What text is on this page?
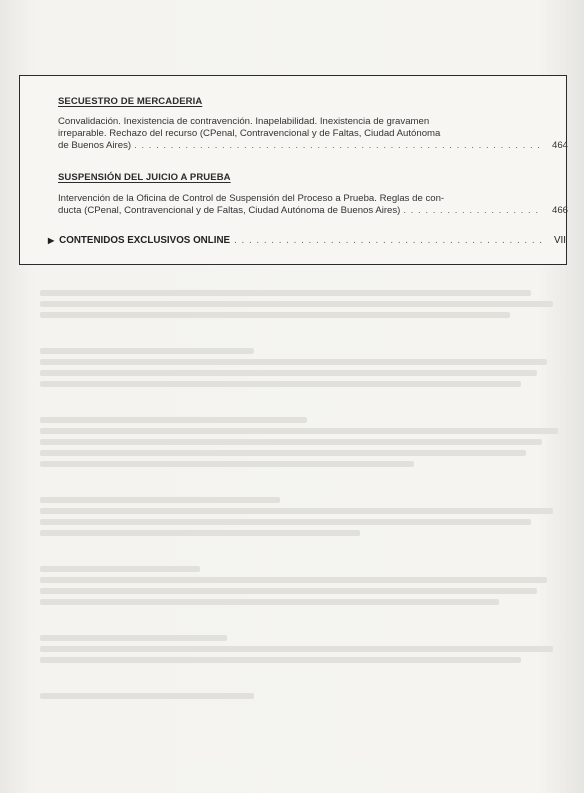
SECUESTRO DE MERCADERIA
Convalidación. Inexistencia de contravención. Inapelabilidad. Inexistencia de gravamen
irreparable. Rechazo del recurso (CPenal, Contravencional y de Faltas, Ciudad Autónoma
de Buenos Aires) . . .	464
SUSPENSIÓN DEL JUICIO A PRUEBA
Intervención de la Oficina de Control de Suspensión del Proceso a Prueba. Reglas de con-
ducta (CPenal, Contravencional y de Faltas, Ciudad Autónoma de Buenos Aires) . . .	466
▶ CONTENIDOS EXCLUSIVOS ONLINE . . .	VII
